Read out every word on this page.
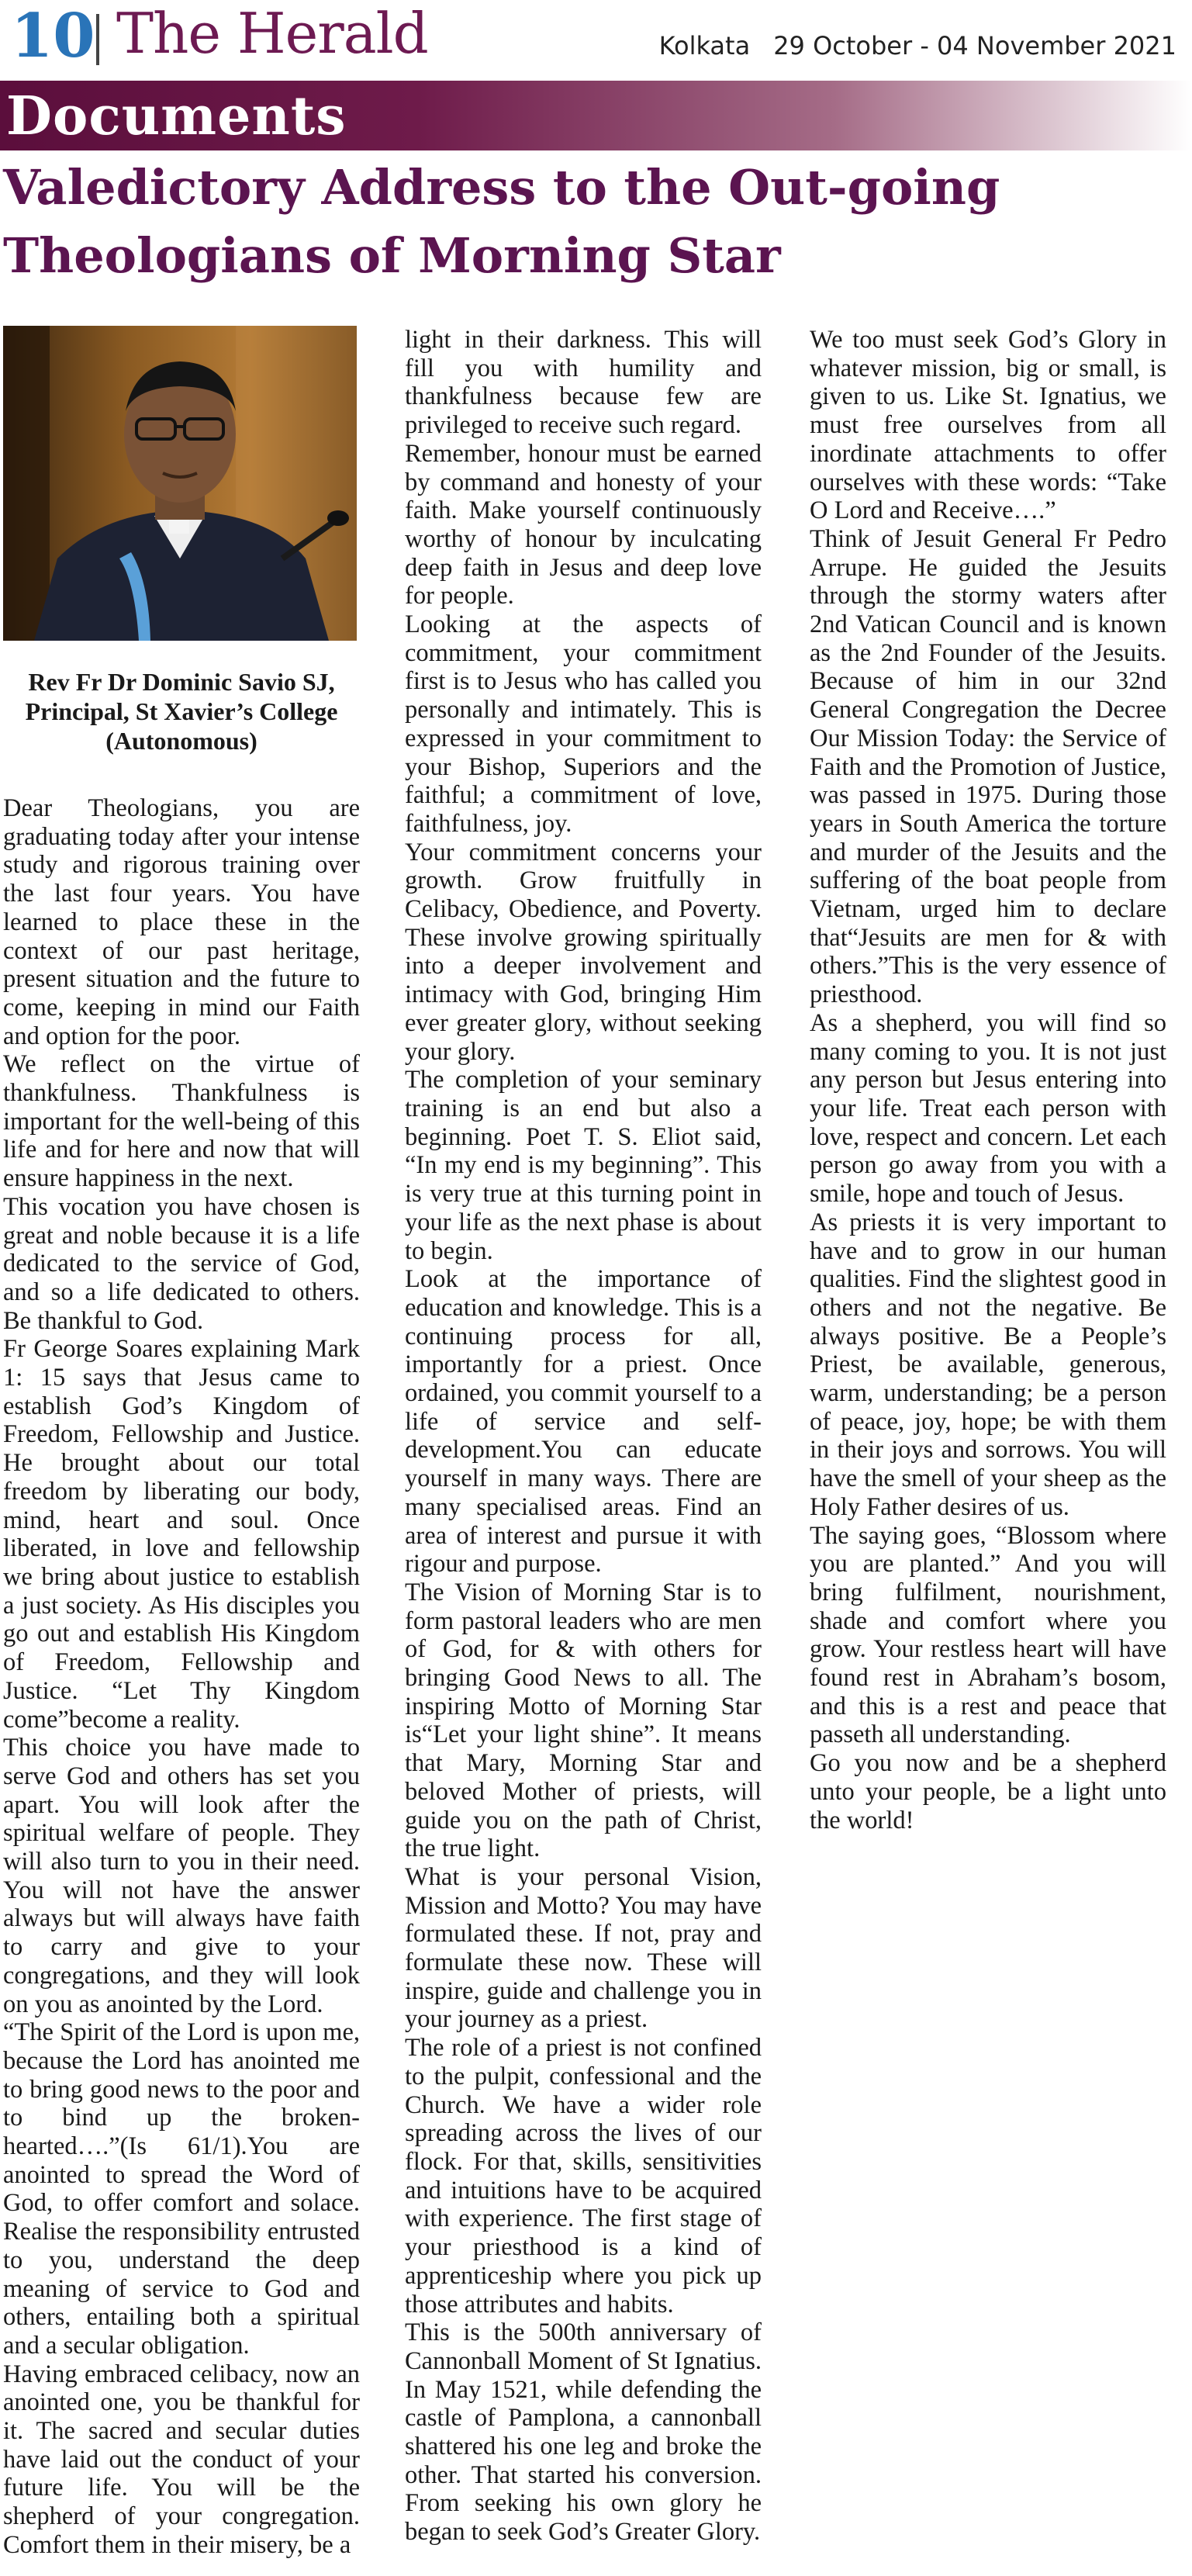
10 The Herald	Kolkata 29 October - 04 November 2021
Documents
Valedictory Address to the Out-going
Theologians of Morning Star
Rev Fr Dr Dominic Savio SJ,
Principal, St Xavier’s College
(Autonomous)

Dear Theologians, you are graduating today after your intense study and rigorous training over the last four years. You have learned to place these in the context of our past heritage, present situation and the future to come, keeping in mind our Faith and option for the poor.

We reflect on the virtue of thankfulness. Thankfulness is important for the well-being of this life and for here and now that will ensure happiness in the next.

This vocation you have chosen is great and noble because it is a life dedicated to the service of God, and so a life dedicated to others. Be thankful to God.

Fr George Soares explaining Mark 1: 15 says that Jesus came to establish God’s Kingdom of Freedom, Fellowship and Justice. He brought about our total freedom by liberating our body, mind, heart and soul. Once liberated, in love and fellowship we bring about justice to establish a just society. As His disciples you go out and establish His Kingdom of Freedom, Fellowship and Justice. “Let Thy Kingdom come”become a reality.

This choice you have made to serve God and others has set you apart. You will look after the spiritual welfare of people. They will also turn to you in their need. You will not have the answer always but will always have faith to carry and give to your congregations, and they will look on you as anointed by the Lord.

“The Spirit of the Lord is upon me, because the Lord has anointed me to bring good news to the poor and to bind up the broken-hearted….”(Is 61/1).You are anointed to spread the Word of God, to offer comfort and solace. Realise the responsibility entrusted to you, understand the deep meaning of service to God and others, entailing both a spiritual and a secular obligation.

Having embraced celibacy, now an anointed one, you be thankful for it. The sacred and secular duties have laid out the conduct of your future life. You will be the shepherd of your congregation. Comfort them in their misery, be a

light in their darkness. This will fill you with humility and thankfulness because few are privileged to receive such regard.

Remember, honour must be earned by command and honesty of your faith. Make yourself continuously worthy of honour by inculcating deep faith in Jesus and deep love for people.

Looking at the aspects of commitment, your commitment first is to Jesus who has called you personally and intimately. This is expressed in your commitment to your Bishop, Superiors and the faithful; a commitment of love, faithfulness, joy.

Your commitment concerns your growth. Grow fruitfully in Celibacy, Obedience, and Poverty. These involve growing spiritually into a deeper involvement and intimacy with God, bringing Him ever greater glory, without seeking your glory.

The completion of your seminary training is an end but also a beginning. Poet T. S. Eliot said, “In my end is my beginning”. This is very true at this turning point in your life as the next phase is about to begin.

Look at the importance of education and knowledge. This is a continuing process for all, importantly for a priest. Once ordained, you commit yourself to a life of service and self-development.You can educate yourself in many ways. There are many specialised areas. Find an area of interest and pursue it with rigour and purpose.

The Vision of Morning Star is to form pastoral leaders who are men of God, for & with others for bringing Good News to all. The inspiring Motto of Morning Star is“Let your light shine”. It means that Mary, Morning Star and beloved Mother of priests, will guide you on the path of Christ, the true light.

What is your personal Vision, Mission and Motto? You may have formulated these. If not, pray and formulate these now. These will inspire, guide and challenge you in your journey as a priest.

The role of a priest is not confined to the pulpit, confessional and the Church. We have a wider role spreading across the lives of our flock. For that, skills, sensitivities and intuitions have to be acquired with experience. The first stage of your priesthood is a kind of apprenticeship where you pick up those attributes and habits.

This is the 500th anniversary of Cannonball Moment of St Ignatius. In May 1521, while defending the castle of Pamplona, a cannonball shattered his one leg and broke the other. That started his conversion. From seeking his own glory he began to seek God’s Greater Glory.

We too must seek God’s Glory in whatever mission, big or small, is given to us. Like St. Ignatius, we must free ourselves from all inordinate attachments to offer ourselves with these words: “Take O Lord and Receive….”

Think of Jesuit General Fr Pedro Arrupe. He guided the Jesuits through the stormy waters after 2nd Vatican Council and is known as the 2nd Founder of the Jesuits. Because of him in our 32nd General Congregation the Decree Our Mission Today: the Service of Faith and the Promotion of Justice, was passed in 1975. During those years in South America the torture and murder of the Jesuits and the suffering of the boat people from Vietnam, urged him to declare that“Jesuits are men for & with others.”This is the very essence of priesthood.

As a shepherd, you will find so many coming to you. It is not just any person but Jesus entering into your life. Treat each person with love, respect and concern. Let each person go away from you with a smile, hope and touch of Jesus.

As priests it is very important to have and to grow in our human qualities. Find the slightest good in others and not the negative. Be always positive. Be a People’s Priest, be available, generous, warm, understanding; be a person of peace, joy, hope; be with them in their joys and sorrows. You will have the smell of your sheep as the Holy Father desires of us.

The saying goes, “Blossom where you are planted.” And you will bring fulfilment, nourishment, shade and comfort where you grow. Your restless heart will have found rest in Abraham’s bosom, and this is a rest and peace that passeth all understanding.

Go you now and be a shepherd unto your people, be a light unto the world!
